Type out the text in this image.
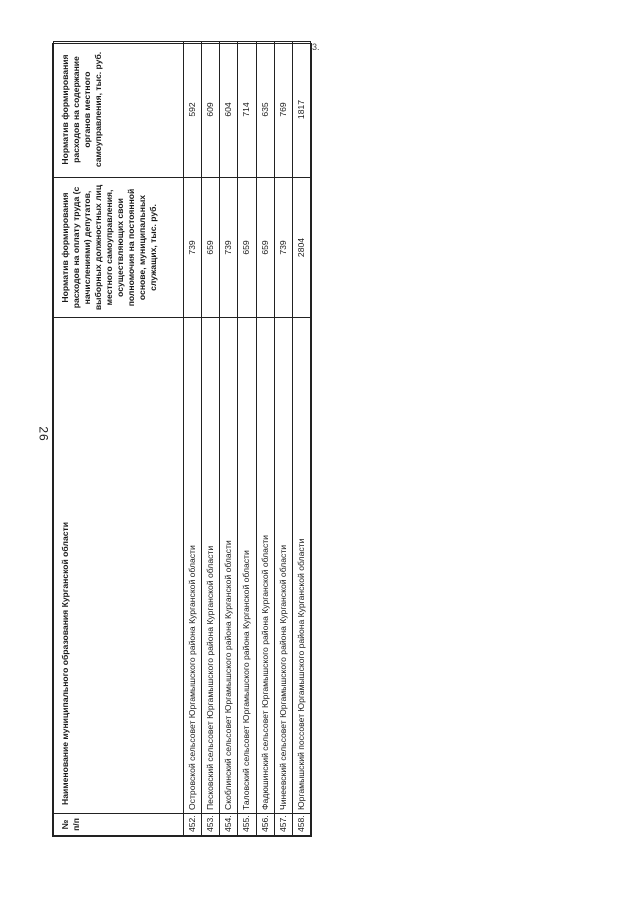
26
3.
№ п/п	Наименование муниципального образования Курганской области	Норматив формирования расходов на оплату труда (с начислениями) депутатов, выборных должностных лиц местного самоуправления, осуществляющих свои полномочия на постоянной основе, муниципальных служащих, тыс. руб.	Норматив формирования расходов на содержание органов местного самоуправления, тыс. руб.
452.	Островской сельсовет Юргамышского района Курганской области	739	592
453.	Песковский сельсовет Юргамышского района Курганской области	659	609
454.	Скоблинский сельсовет Юргамышского района Курганской области	739	604
455.	Таловский сельсовет Юргамышского района Курганской области	659	714
456.	Фадюшинский сельсовет Юргамышского района Курганской области	659	635
457.	Чинеевский сельсовет Юргамышского района Курганской области	739	769
458.	Юргамышский поссовет Юргамышского района Курганской области	2804	1817
